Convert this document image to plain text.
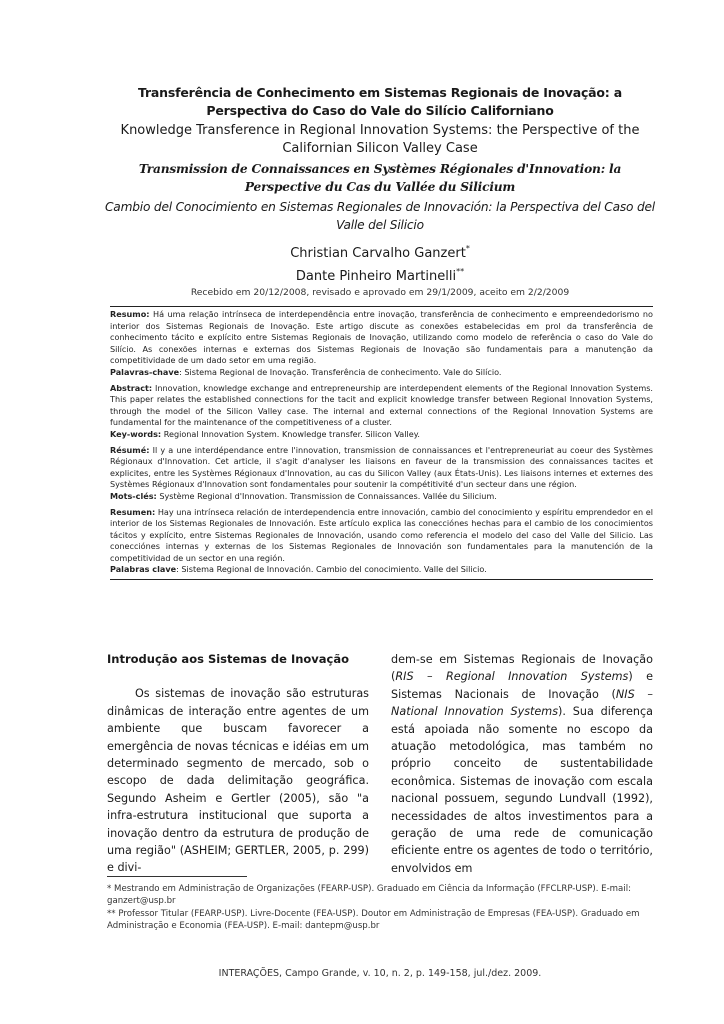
Transferência de Conhecimento em Sistemas Regionais de Inovação: a Perspectiva do Caso do Vale do Silício Californiano
Knowledge Transference in Regional Innovation Systems: the Perspective of the Californian Silicon Valley Case
Transmission de Connaissances en Systèmes Régionales d'Innovation: la Perspective du Cas du Vallée du Silicium
Cambio del Conocimiento en Sistemas Regionales de Innovación: la Perspectiva del Caso del Valle del Silicio
Christian Carvalho Ganzert*
Dante Pinheiro Martinelli**
Recebido em 20/12/2008, revisado e aprovado em 29/1/2009, aceito em 2/2/2009

Resumo: Há uma relação intrínseca de interdependência entre inovação, transferência de conhecimento e empreendedorismo no interior dos Sistemas Regionais de Inovação. Este artigo discute as conexões estabelecidas em prol da transferência de conhecimento tácito e explícito entre Sistemas Regionais de Inovação, utilizando como modelo de referência o caso do Vale do Silício. As conexões internas e externas dos Sistemas Regionais de Inovação são fundamentais para a manutenção da competitividade de um dado setor em uma região.

Palavras-chave: Sistema Regional de Inovação. Transferência de conhecimento. Vale do Silício.

Abstract: Innovation, knowledge exchange and entrepreneurship are interdependent elements of the Regional Innovation Systems. This paper relates the established connections for the tacit and explicit knowledge transfer between Regional Innovation Systems, through the model of the Silicon Valley case. The internal and external connections of the Regional Innovation Systems are fundamental for the maintenance of the competitiveness of a cluster.

Key-words: Regional Innovation System. Knowledge transfer. Silicon Valley.

Résumé: Il y a une interdépendance entre l'innovation, transmission de connaissances et l'entrepreneuriat au coeur des Systèmes Régionaux d'Innovation. Cet article, il s'agit d'analyser les liaisons en faveur de la transmission des connaissances tacites et explicites, entre les Systèmes Régionaux d'Innovation, au cas du Silicon Valley (aux États-Unis). Les liaisons internes et externes des Systèmes Régionaux d'Innovation sont fondamentales pour soutenir la compétitivité d'un secteur dans une région.

Mots-clés: Système Regional d'Innovation. Transmission de Connaissances. Vallée du Silicium.

Resumen: Hay una intrínseca relación de interdependencia entre innovación, cambio del conocimiento y espíritu emprendedor en el interior de los Sistemas Regionales de Innovación. Este artículo explica las conecciónes hechas para el cambio de los conocimientos tácitos y explícito, entre Sistemas Regionales de Innovación, usando como referencia el modelo del caso del Valle del Silicio. Las conecciónes internas y externas de los Sistemas Regionales de Innovación son fundamentales para la manutención de la competitividad de un sector en una región.

Palabras clave: Sistema Regional de Innovación. Cambio del conocimiento. Valle del Silicio.

Introdução aos Sistemas de Inovação

Os sistemas de inovação são estruturas dinâmicas de interação entre agentes de um ambiente que buscam favorecer a emergência de novas técnicas e idéias em um determinado segmento de mercado, sob o escopo de dada delimitação geográfica. Segundo Asheim e Gertler (2005), são "a infra-estrutura institucional que suporta a inovação dentro da estrutura de produção de uma região" (ASHEIM; GERTLER, 2005, p. 299) e divi-

dem-se em Sistemas Regionais de Inovação (RIS – Regional Innovation Systems) e Sistemas Nacionais de Inovação (NIS – National Innovation Systems). Sua diferença está apoiada não somente no escopo da atuação metodológica, mas também no próprio conceito de sustentabilidade econômica. Sistemas de inovação com escala nacional possuem, segundo Lundvall (1992), necessidades de altos investimentos para a geração de uma rede de comunicação eficiente entre os agentes de todo o território, envolvidos em

* Mestrando em Administração de Organizações (FEARP-USP). Graduado em Ciência da Informação (FFCLRP-USP). E-mail: ganzert@usp.br

** Professor Titular (FEARP-USP). Livre-Docente (FEA-USP). Doutor em Administração de Empresas (FEA-USP). Graduado em Administração e Economia (FEA-USP). E-mail: dantepm@usp.br

INTERAÇÕES, Campo Grande, v. 10, n. 2, p. 149-158, jul./dez. 2009.
